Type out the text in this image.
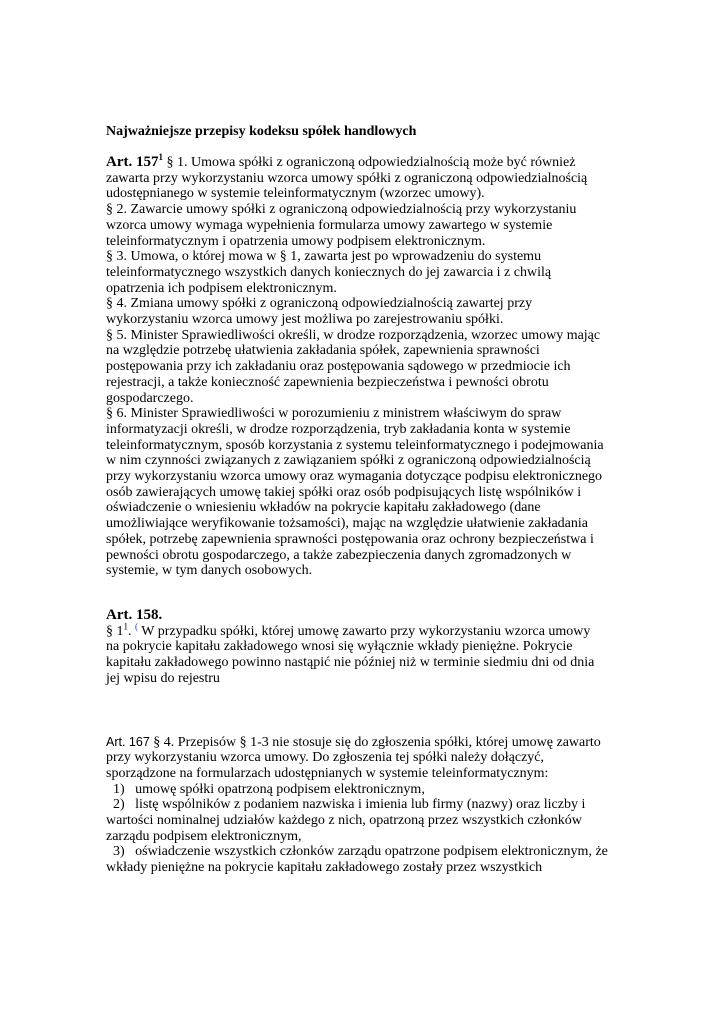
Najważniejsze przepisy kodeksu spółek handlowych
Art. $157^1$ § 1. Umowa spółki z ograniczoną odpowiedzialnością może być również
zawarta przy wykorzystaniu wzorca umowy spółki z ograniczoną odpowiedzialnością
udostępnianego w systemie teleinformatycznym (wzorzec umowy).
§ 2. Zawarcie umowy spółki z ograniczoną odpowiedzialnością przy wykorzystaniu
wzorca umowy wymaga wypełnienia formularza umowy zawartego w systemie
teleinformatycznym i opatrzenia umowy podpisem elektronicznym.
§ 3. Umowa, o której mowa w § 1, zawarta jest po wprowadzeniu do systemu
teleinformatycznego wszystkich danych koniecznych do jej zawarcia i z chwilą
opatrzenia ich podpisem elektronicznym.
§ 4. Zmiana umowy spółki z ograniczoną odpowiedzialnością zawartej przy
wykorzystaniu wzorca umowy jest możliwa po zarejestrowaniu spółki.
§ 5. Minister Sprawiedliwości określi, w drodze rozporządzenia, wzorzec umowy mając
na względzie potrzebę ułatwienia zakładania spółek, zapewnienia sprawności
postępowania przy ich zakładaniu oraz postępowania sądowego w przedmiocie ich
rejestracji, a także konieczność zapewnienia bezpieczeństwa i pewności obrotu
gospodarczego.
§ 6. Minister Sprawiedliwości w porozumieniu z ministrem właściwym do spraw
informatyzacji określi, w drodze rozporządzenia, tryb zakładania konta w systemie
teleinformatycznym, sposób korzystania z systemu teleinformatycznego i podejmowania
w nim czynności związanych z zawiązaniem spółki z ograniczoną odpowiedzialnością
przy wykorzystaniu wzorca umowy oraz wymagania dotyczące podpisu elektronicznego
osób zawierających umowę takiej spółki oraz osób podpisujących listę wspólników i
oświadczenie o wniesieniu wkładów na pokrycie kapitału zakładowego (dane
umożliwiające weryfikowanie tożsamości), mając na względzie ułatwienie zakładania
spółek, potrzebę zapewnienia sprawności postępowania oraz ochrony bezpieczeństwa i
pewności obrotu gospodarczego, a także zabezpieczenia danych zgromadzonych w
systemie, w tym danych osobowych.
Art. 158.
§ $1^1$. ( W przypadku spółki, której umowę zawarto przy wykorzystaniu wzorca umowy
na pokrycie kapitału zakładowego wnosi się wyłącznie wkłady pieniężne. Pokrycie
kapitału zakładowego powinno nastąpić nie później niż w terminie siedmiu dni od dnia
jej wpisu do rejestru
Art. 167 § 4. Przepisów § 1-3 nie stosuje się do zgłoszenia spółki, której umowę zawarto
przy wykorzystaniu wzorca umowy. Do zgłoszenia tej spółki należy dołączyć,
sporządzone na formularzach udostępnianych w systemie teleinformatycznym:
1)   umowę spółki opatrzoną podpisem elektronicznym,
2)   listę wspólników z podaniem nazwiska i imienia lub firmy (nazwy) oraz liczby i
wartości nominalnej udziałów każdego z nich, opatrzoną przez wszystkich członków
zarządu podpisem elektronicznym,
3)   oświadczenie wszystkich członków zarządu opatrzone podpisem elektronicznym, że
wkłady pieniężne na pokrycie kapitału zakładowego zostały przez wszystkich
